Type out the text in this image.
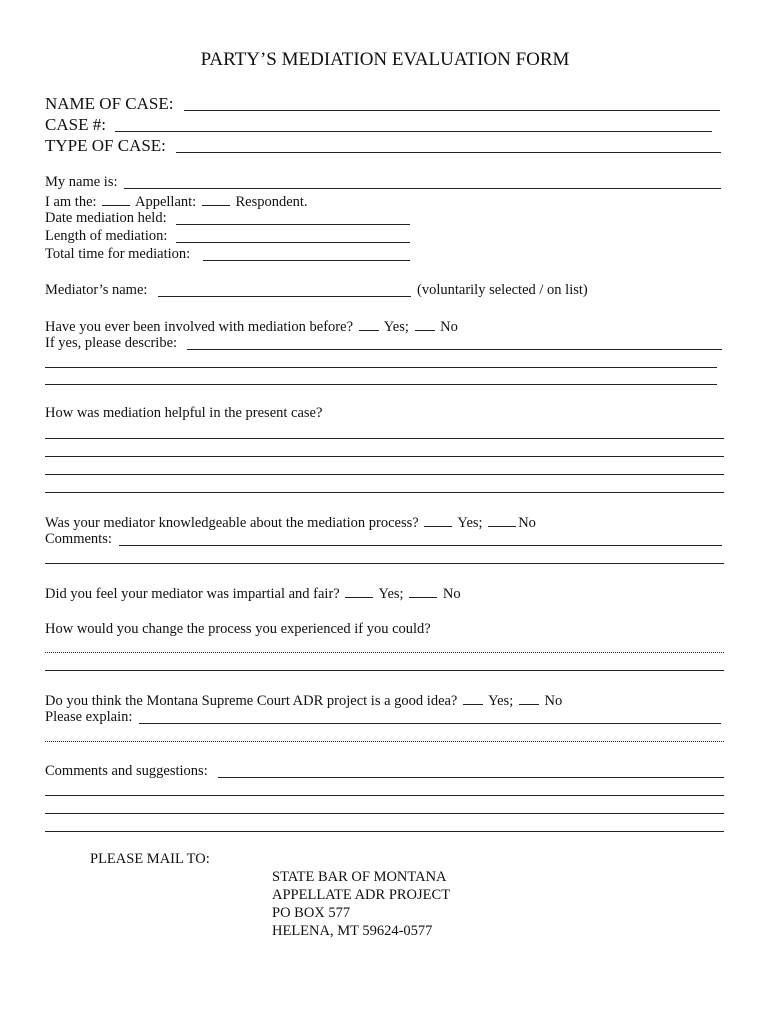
PARTY’S MEDIATION EVALUATION FORM
NAME OF CASE:
CASE #:
TYPE OF CASE:
My name is:
I am the:	Appellant:	Respondent.
Date mediation held:
Length of mediation:
Total time for mediation:
Mediator’s name:	(voluntarily selected / on list)
Have you ever been involved with mediation before? Yes; No
If yes, please describe:
How was mediation helpful in the present case?
Was your mediator knowledgeable about the mediation process?	Yes; No
Comments:
Did you feel your mediator was impartial and fair?	Yes;	No
How would you change the process you experienced if you could?
Do you think the Montana Supreme Court ADR project is a good idea? Yes; No
Please explain:
Comments and suggestions:
PLEASE MAIL TO:
STATE BAR OF MONTANA
APPELLATE ADR PROJECT
PO BOX 577
HELENA, MT 59624-0577
